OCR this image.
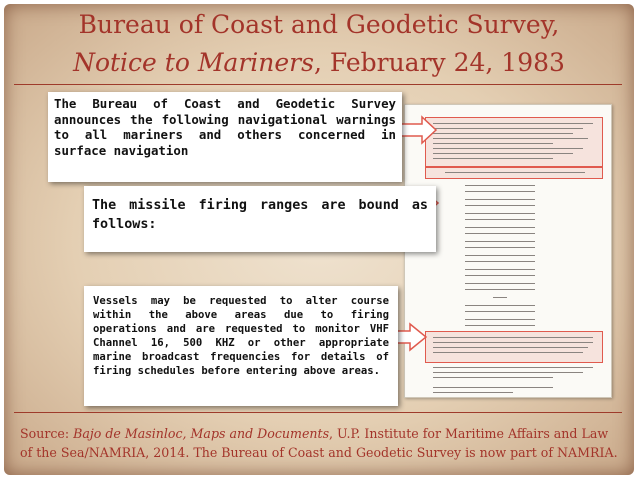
Bureau of Coast and Geodetic Survey,
Notice to Mariners, February 24, 1983
The Bureau of Coast and Geodetic Survey announces the following navigational warnings to all mariners and others concerned in surface navigation
The missile firing ranges are bound as follows:
Vessels may be requested to alter course within the above areas due to firing operations and are requested to monitor VHF Channel 16, 500 KHZ or other appropriate marine broadcast frequencies for details of firing schedules before entering above areas.
Source: Bajo de Masinloc, Maps and Documents, U.P. Institute for Maritime Affairs and Law of the Sea/NAMRIA, 2014. The Bureau of Coast and Geodetic Survey is now part of NAMRIA.
